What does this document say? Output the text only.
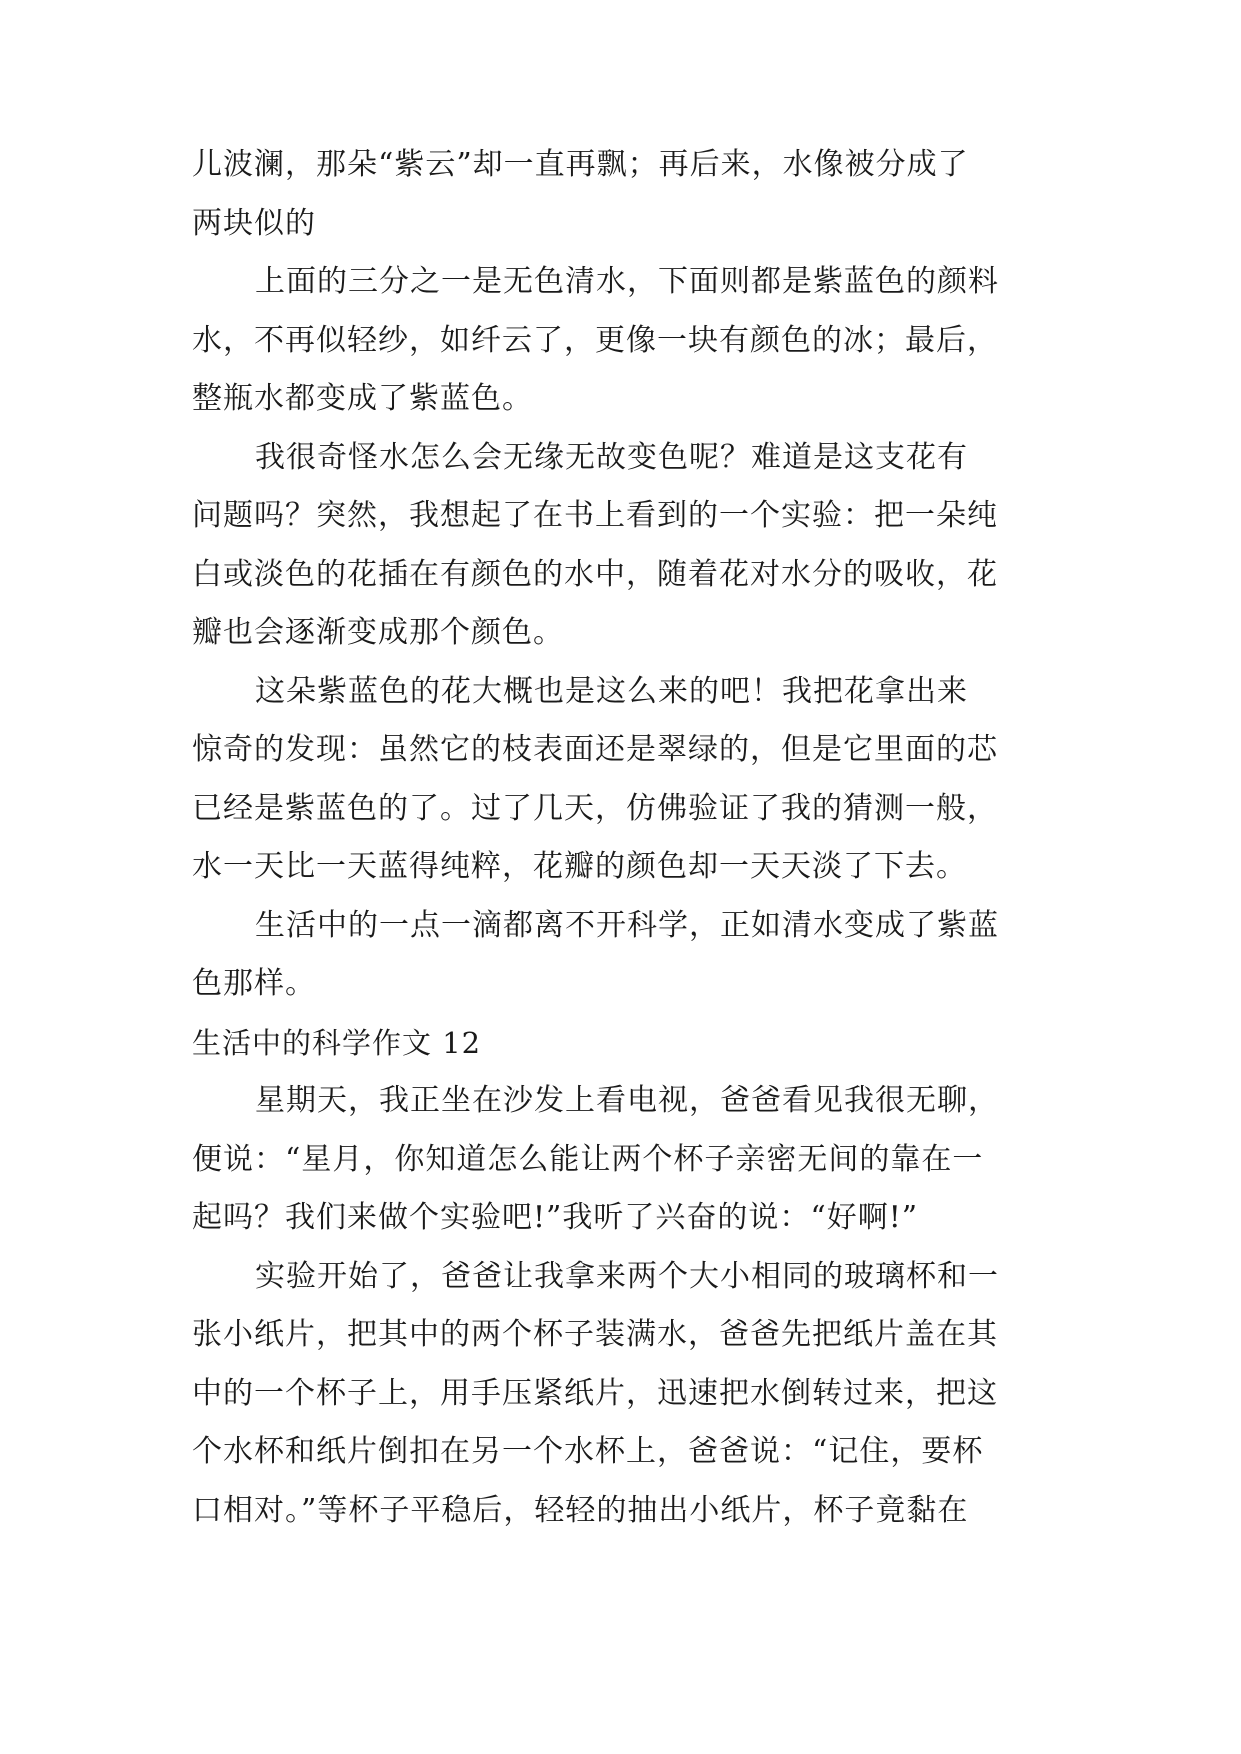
儿波澜，那朵“紫云”却一直再飘；再后来，水像被分成了
两块似的
上面的三分之一是无色清水，下面则都是紫蓝色的颜料
水，不再似轻纱，如纤云了，更像一块有颜色的冰；最后，
整瓶水都变成了紫蓝色。
我很奇怪水怎么会无缘无故变色呢？难道是这支花有
问题吗？突然，我想起了在书上看到的一个实验：把一朵纯
白或淡色的花插在有颜色的水中，随着花对水分的吸收，花
瓣也会逐渐变成那个颜色。
这朵紫蓝色的花大概也是这么来的吧！我把花拿出来
惊奇的发现：虽然它的枝表面还是翠绿的，但是它里面的芯
已经是紫蓝色的了。过了几天，仿佛验证了我的猜测一般，
水一天比一天蓝得纯粹，花瓣的颜色却一天天淡了下去。
生活中的一点一滴都离不开科学，正如清水变成了紫蓝
色那样。
生活中的科学作文 12
星期天，我正坐在沙发上看电视，爸爸看见我很无聊，
便说：“星月，你知道怎么能让两个杯子亲密无间的靠在一
起吗？我们来做个实验吧!”我听了兴奋的说：“好啊!”
实验开始了，爸爸让我拿来两个大小相同的玻璃杯和一
张小纸片，把其中的两个杯子装满水，爸爸先把纸片盖在其
中的一个杯子上，用手压紧纸片，迅速把水倒转过来，把这
个水杯和纸片倒扣在另一个水杯上，爸爸说：“记住，要杯
口相对。”等杯子平稳后，轻轻的抽出小纸片，杯子竟黏在
